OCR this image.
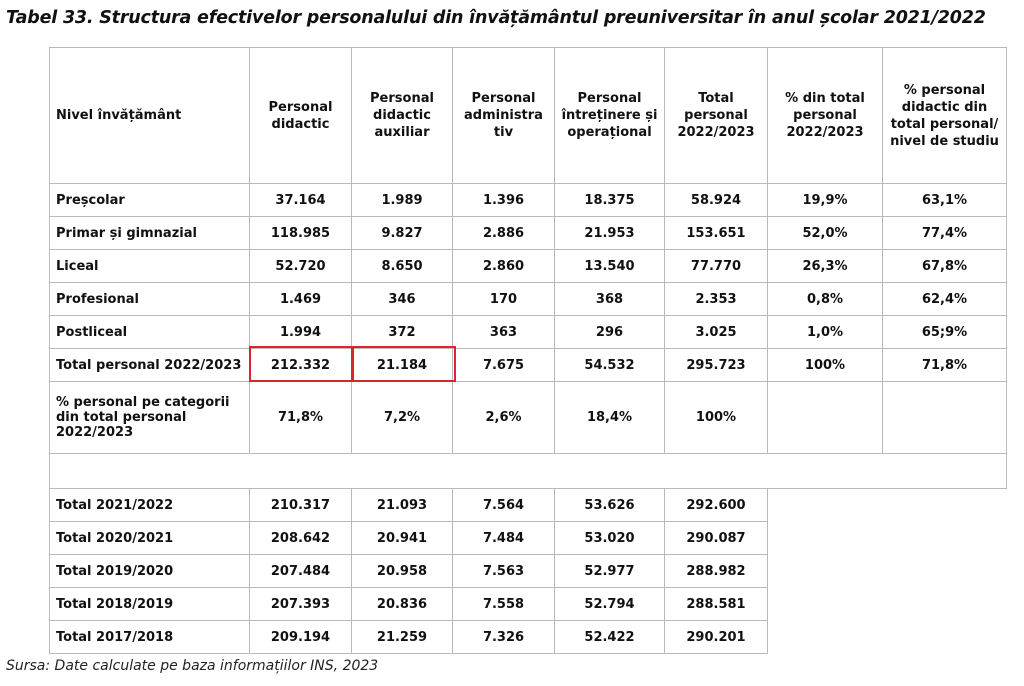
Tabel 33. Structura efectivelor personalului din învățământul preuniversitar în anul școlar 2021/2022
Nivel învățământ	Personal didactic	Personal didactic auxiliar	Personal administra tiv	Personal întreținere și operațional	Total personal 2022/2023	% din total personal 2022/2023	% personal didactic din total personal/ nivel de studiu
Preșcolar	37.164	1.989	1.396	18.375	58.924	19,9%	63,1%
Primar și gimnazial	118.985	9.827	2.886	21.953	153.651	52,0%	77,4%
Liceal	52.720	8.650	2.860	13.540	77.770	26,3%	67,8%
Profesional	1.469	346	170	368	2.353	0,8%	62,4%
Postliceal	1.994	372	363	296	3.025	1,0%	65;9%
Total personal 2022/2023	212.332	21.184	7.675	54.532	295.723	100%	71,8%
% personal pe categorii din total personal 2022/2023	71,8%	7,2%	2,6%	18,4%	100%		

Total 2021/2022	210.317	21.093	7.564	53.626	292.600		
Total 2020/2021	208.642	20.941	7.484	53.020	290.087		
Total 2019/2020	207.484	20.958	7.563	52.977	288.982		
Total 2018/2019	207.393	20.836	7.558	52.794	288.581		
Total 2017/2018	209.194	21.259	7.326	52.422	290.201		
Sursa: Date calculate pe baza informațiilor INS, 2023
